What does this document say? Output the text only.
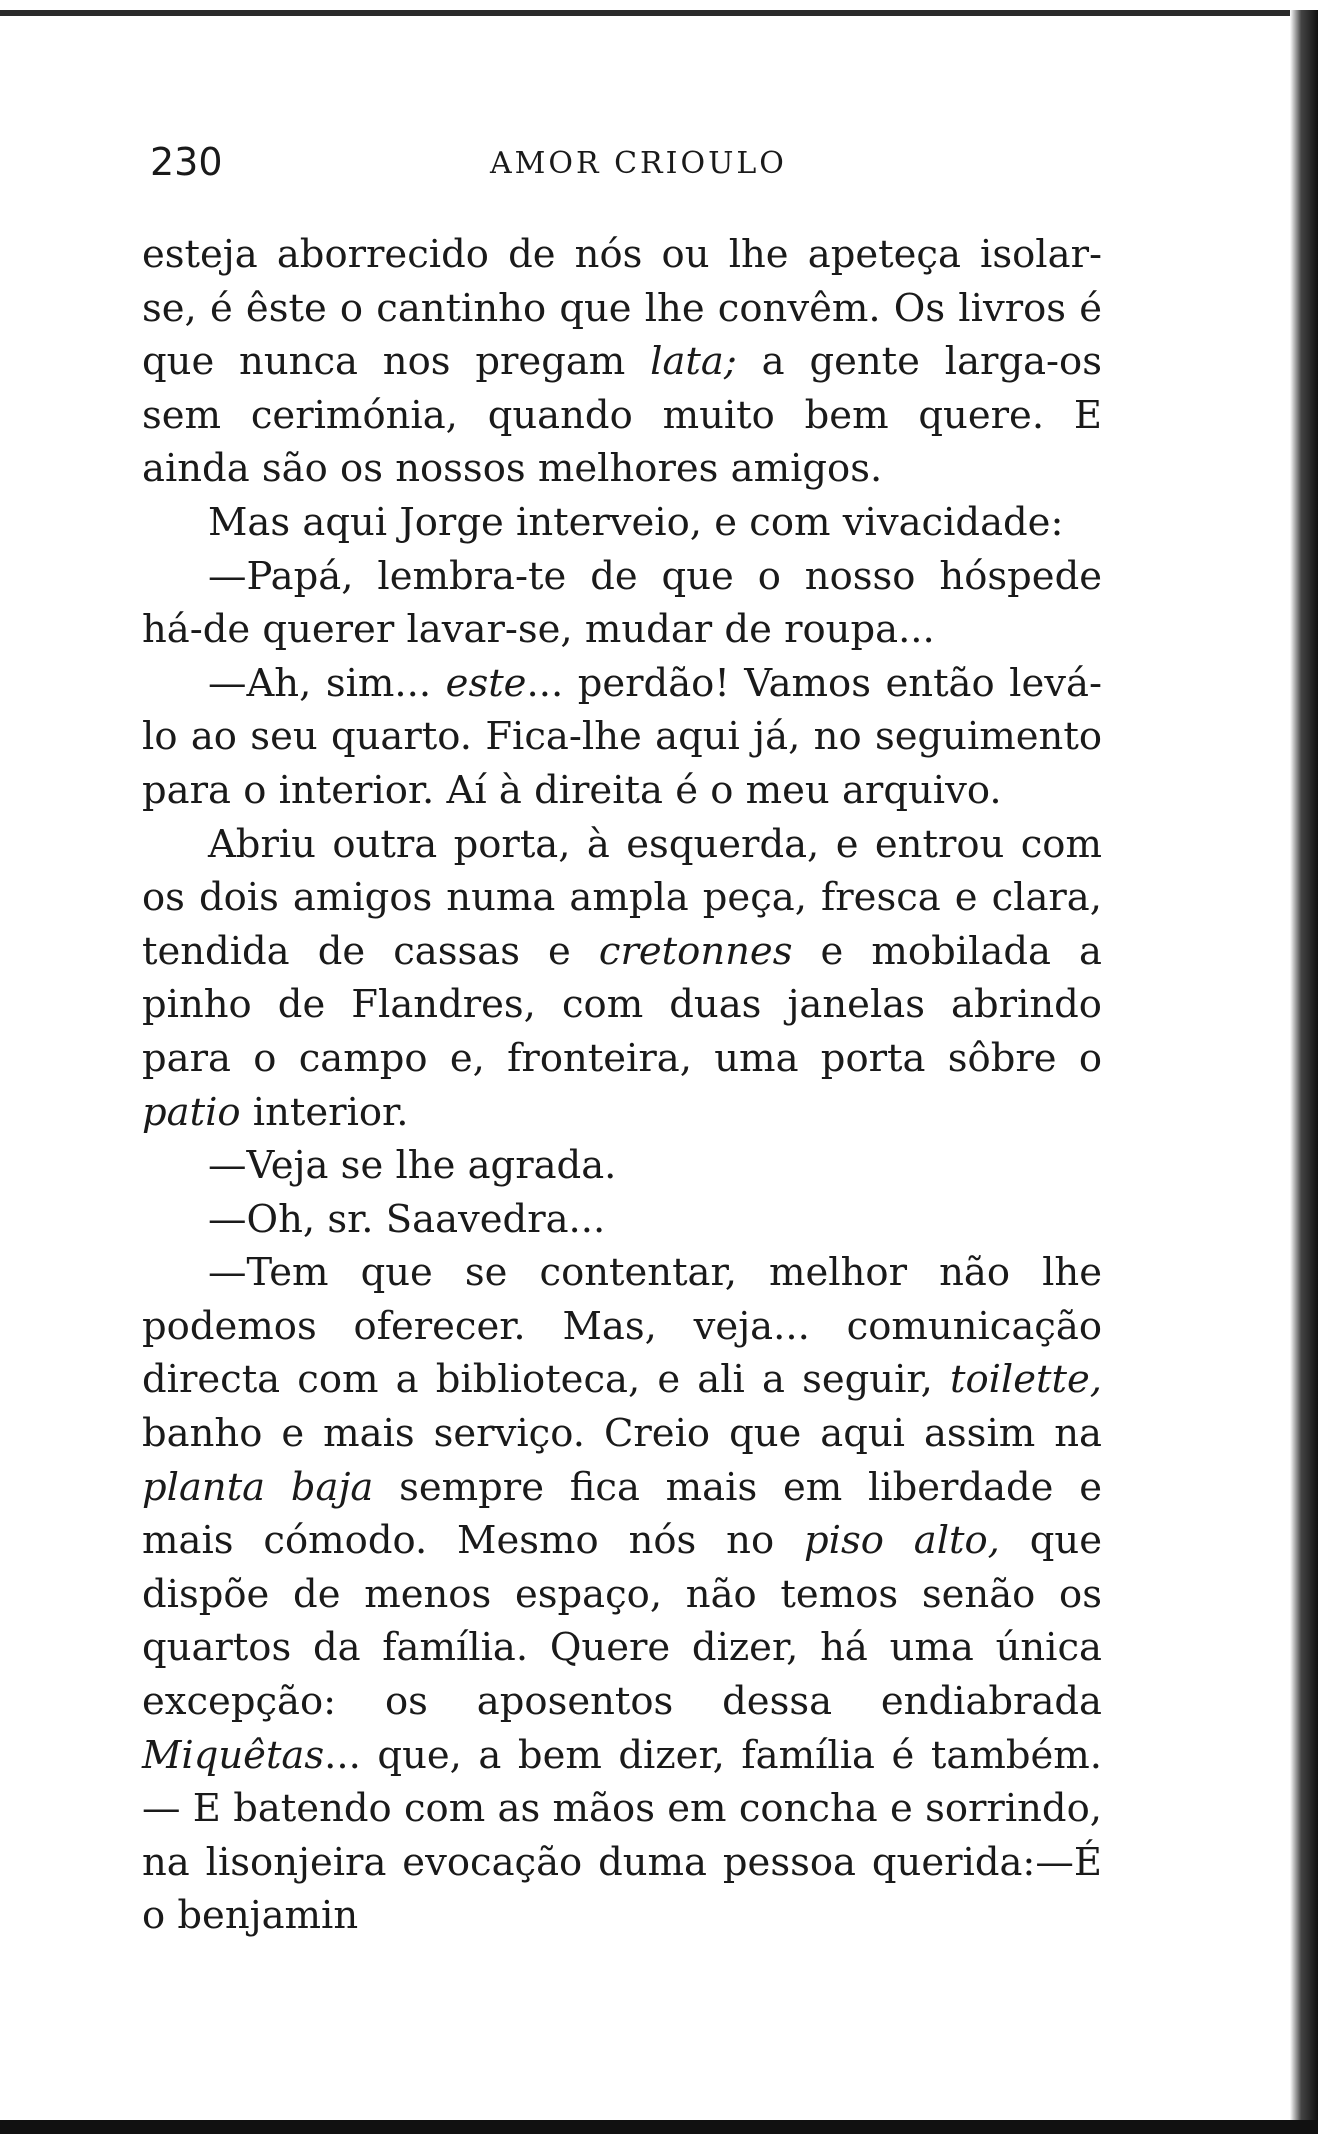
230	AMOR CRIOULO

esteja aborrecido de nós ou lhe apeteça isolar-se, é êste o cantinho que lhe convêm. Os livros é que nunca nos pregam lata; a gente larga-os sem cerimónia, quando muito bem quere. E ainda são os nossos melhores amigos.

Mas aqui Jorge interveio, e com vivacidade:

—Papá, lembra-te de que o nosso hóspede há-de querer lavar-se, mudar de roupa...

—Ah, sim... este... perdão! Vamos então levá-lo ao seu quarto. Fica-lhe aqui já, no seguimento para o interior. Aí à direita é o meu arquivo.

Abriu outra porta, à esquerda, e entrou com os dois amigos numa ampla peça, fresca e clara, tendida de cassas e cretonnes e mobilada a pinho de Flandres, com duas janelas abrindo para o campo e, fronteira, uma porta sôbre o patio interior.

—Veja se lhe agrada.

—Oh, sr. Saavedra...

—Tem que se contentar, melhor não lhe podemos oferecer. Mas, veja... comunicação directa com a biblioteca, e ali a seguir, toilette, banho e mais serviço. Creio que aqui assim na planta baja sempre fica mais em liberdade e mais cómodo. Mesmo nós no piso alto, que dispõe de menos espaço, não temos senão os quartos da família. Quere dizer, há uma única excepção: os aposentos dessa endiabrada Miquêtas... que, a bem dizer, família é também. — E batendo com as mãos em concha e sorrindo, na lisonjeira evocação duma pessoa querida:—É o benjamin
